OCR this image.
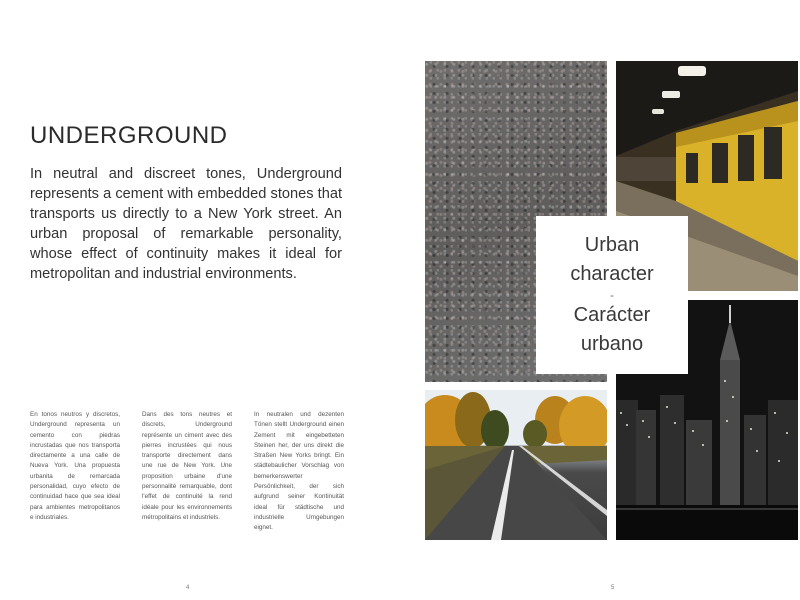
UNDERGROUND

In neutral and discreet tones, Underground represents a cement with embedded stones that transports us directly to a New York street. An urban proposal of remarkable personality, whose effect of continuity makes it ideal for metropolitan and industrial environments.

En tonos neutros y discretos, Underground representa un cemento con piedras incrustadas que nos transporta directamente a una calle de Nueva York. Una propuesta urbanita de remarcada personalidad, cuyo efecto de continuidad hace que sea ideal para ambientes metropolitanos e industriales.

Dans des tons neutres et discrets, Underground représente un ciment avec des pierres incrustées qui nous transporte directement dans une rue de New York. Une proposition urbaine d'une personnalité remarquable, dont l'effet de continuité la rend idéale pour les environnements métropolitains et industriels.

In neutralen und dezenten Tönen stellt Underground einen Zement mit eingebetteten Steinen her, der uns direkt die Straßen New Yorks bringt. Ein städtebaulicher Vorschlag von bemerkenswerter Persönlichkeit, der sich aufgrund seiner Kontinuität ideal für städtische und industrielle Umgebungen eignet.

4
Urban
character
-
Carácter
urbano
5
